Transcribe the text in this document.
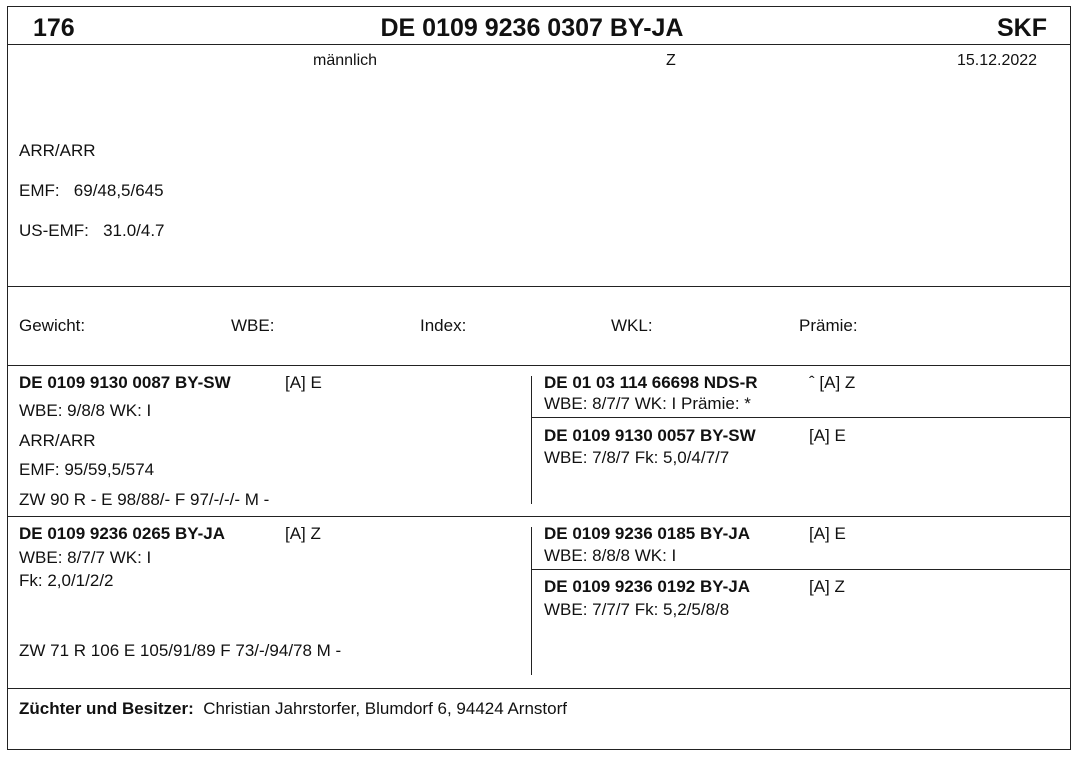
176	DE 0109 9236 0307 BY-JA	SKF
männlich	Z	15.12.2022
ARR/ARR
EMF: 69/48,5/645
US-EMF: 31.0/4.7
Gewicht:	WBE:	Index:	WKL:	Prämie:
DE 0109 9130 0087 BY-SW	[A] E
WBE: 9/8/8 WK: I
ARR/ARR
EMF: 95/59,5/574
ZW 90 R - E 98/88/- F 97/-/-/- M -
DE 01 03 114 66698 NDS-R	ˆ [A] Z
WBE: 8/7/7 WK: I Prämie: *
DE 0109 9130 0057 BY-SW	[A] E
WBE: 7/8/7 Fk: 5,0/4/7/7
DE 0109 9236 0265 BY-JA	[A] Z
WBE: 8/7/7 WK: I
Fk: 2,0/1/2/2
ZW 71 R 106 E 105/91/89 F 73/-/94/78 M -
DE 0109 9236 0185 BY-JA	[A] E
WBE: 8/8/8 WK: I
DE 0109 9236 0192 BY-JA	[A] Z
WBE: 7/7/7 Fk: 5,2/5/8/8
Züchter und Besitzer: Christian Jahrstorfer, Blumdorf 6, 94424 Arnstorf
